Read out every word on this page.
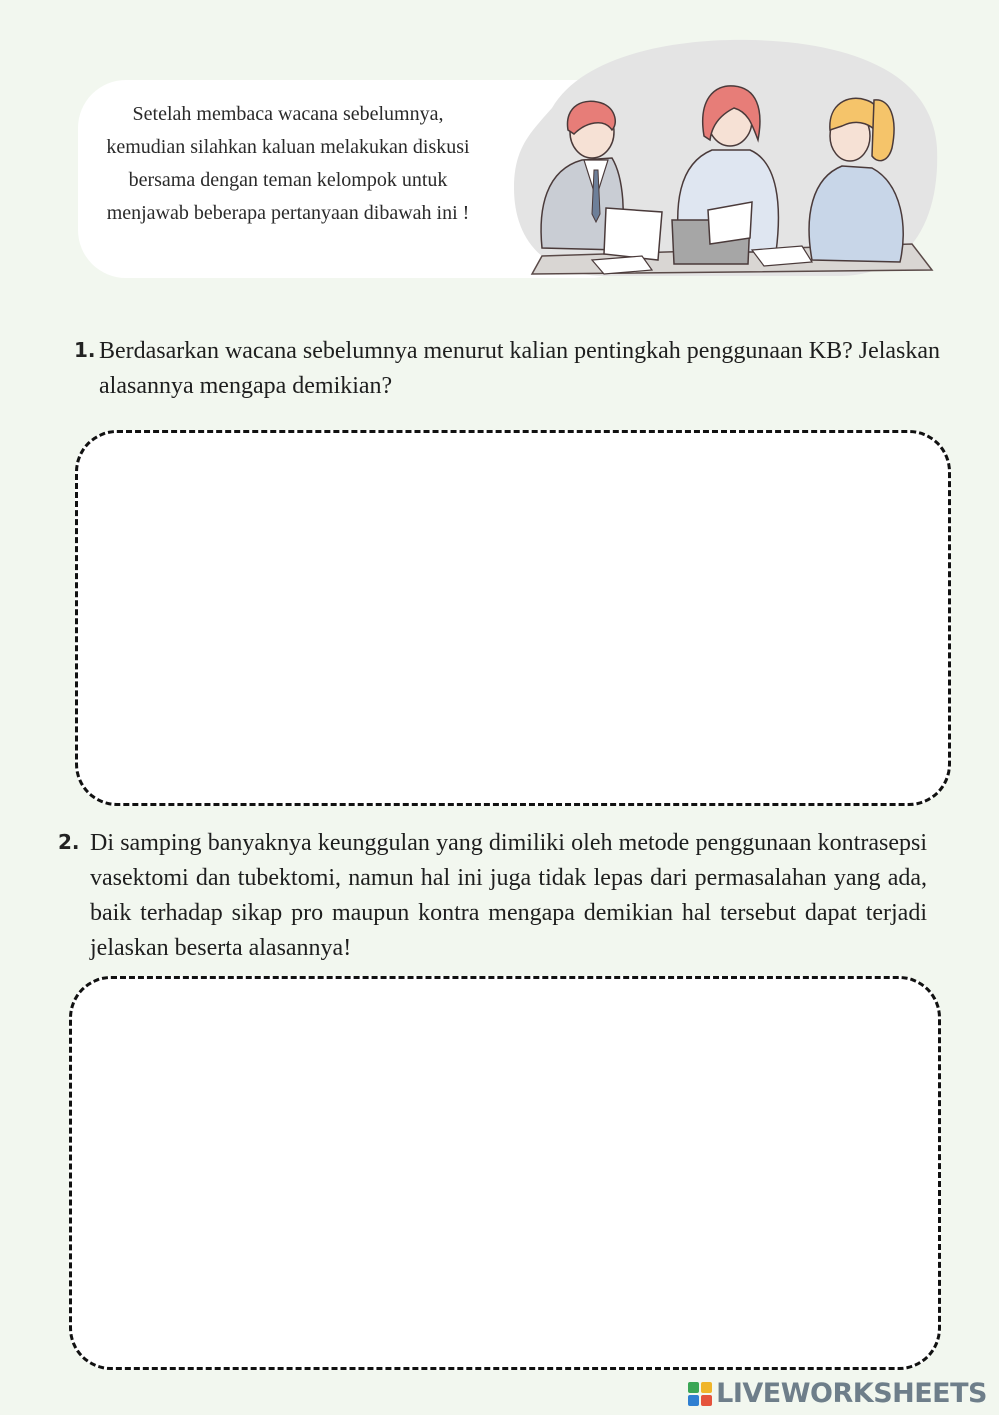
Setelah membaca wacana sebelumnya, kemudian silahkan kaluan melakukan diskusi bersama dengan teman kelompok untuk menjawab beberapa pertanyaan dibawah ini !
1. Berdasarkan wacana sebelumnya menurut kalian pentingkah penggunaan KB? Jelaskan alasannya mengapa demikian?
2. Di samping banyaknya keunggulan yang dimiliki oleh metode penggunaan kontrasepsi vasektomi dan tubektomi, namun hal ini juga tidak lepas dari permasalahan yang ada, baik terhadap sikap pro maupun kontra mengapa demikian hal tersebut dapat terjadi jelaskan beserta alasannya!
LIVEWORKSHEETS
